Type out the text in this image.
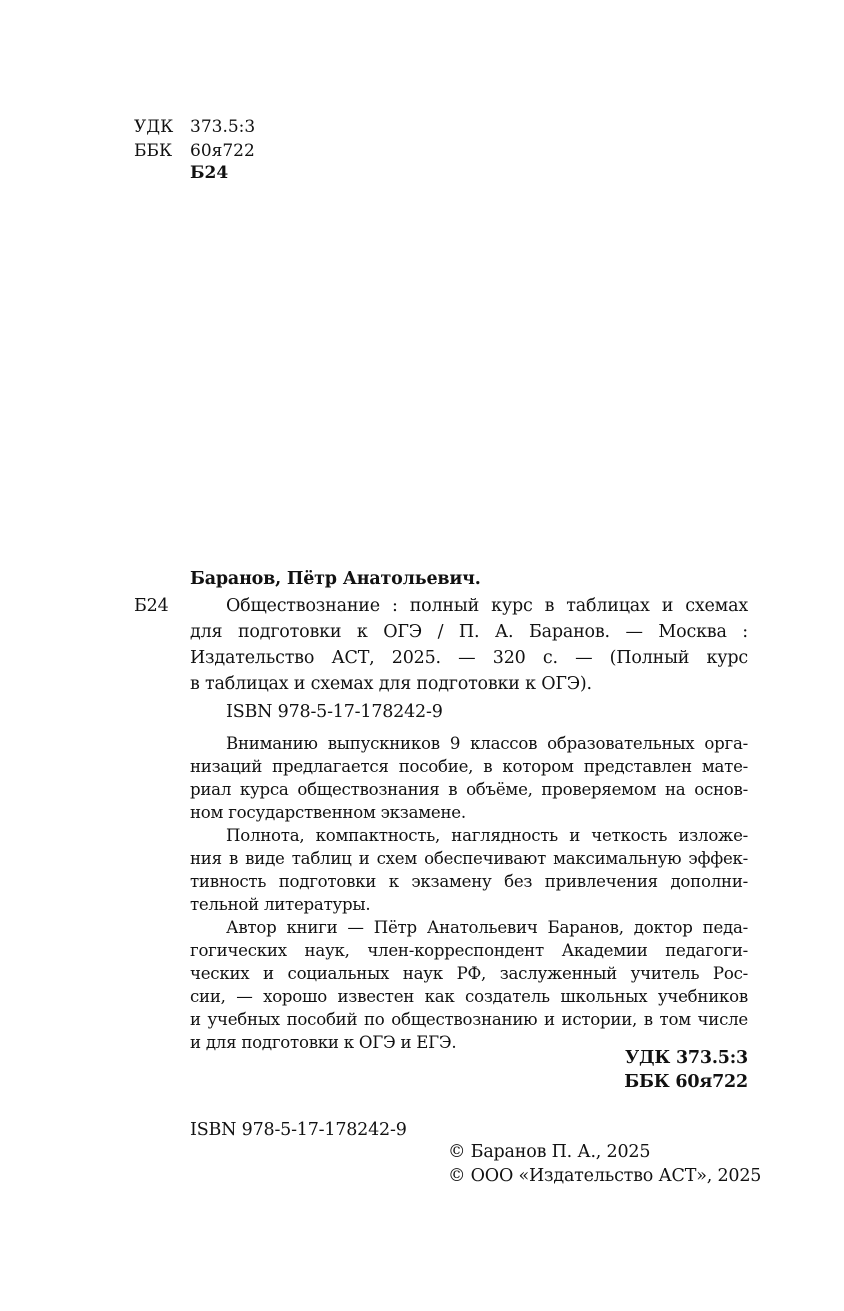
УДК 373.5:3
ББК 60я722
Б24
Баранов, Пётр Анатольевич.
Б24	Обществознание : полный курс в таблицах и схемах
для подготовки к ОГЭ / П. А. Баранов. — Москва :
Издательство АСТ, 2025. — 320 с. — (Полный курс
в таблицах и схемах для подготовки к ОГЭ).
ISBN 978-5-17-178242-9
Вниманию выпускников 9 классов образовательных орга-
низаций предлагается пособие, в котором представлен мате-
риал курса обществознания в объёме, проверяемом на основ-
ном государственном экзамене.
Полнота, компактность, наглядность и четкость изложе-
ния в виде таблиц и схем обеспечивают максимальную эффек-
тивность подготовки к экзамену без привлечения дополни-
тельной литературы.
Автор книги — Пётр Анатольевич Баранов, доктор педа-
гогических наук, член-корреспондент Академии педагоги-
ческих и социальных наук РФ, заслуженный учитель Рос-
сии, — хорошо известен как создатель школьных учебников
и учебных пособий по обществознанию и истории, в том числе
и для подготовки к ОГЭ и ЕГЭ.
УДК 373.5:3
ББК 60я722
ISBN 978-5-17-178242-9
© Баранов П. А., 2025
© ООО «Издательство АСТ», 2025
